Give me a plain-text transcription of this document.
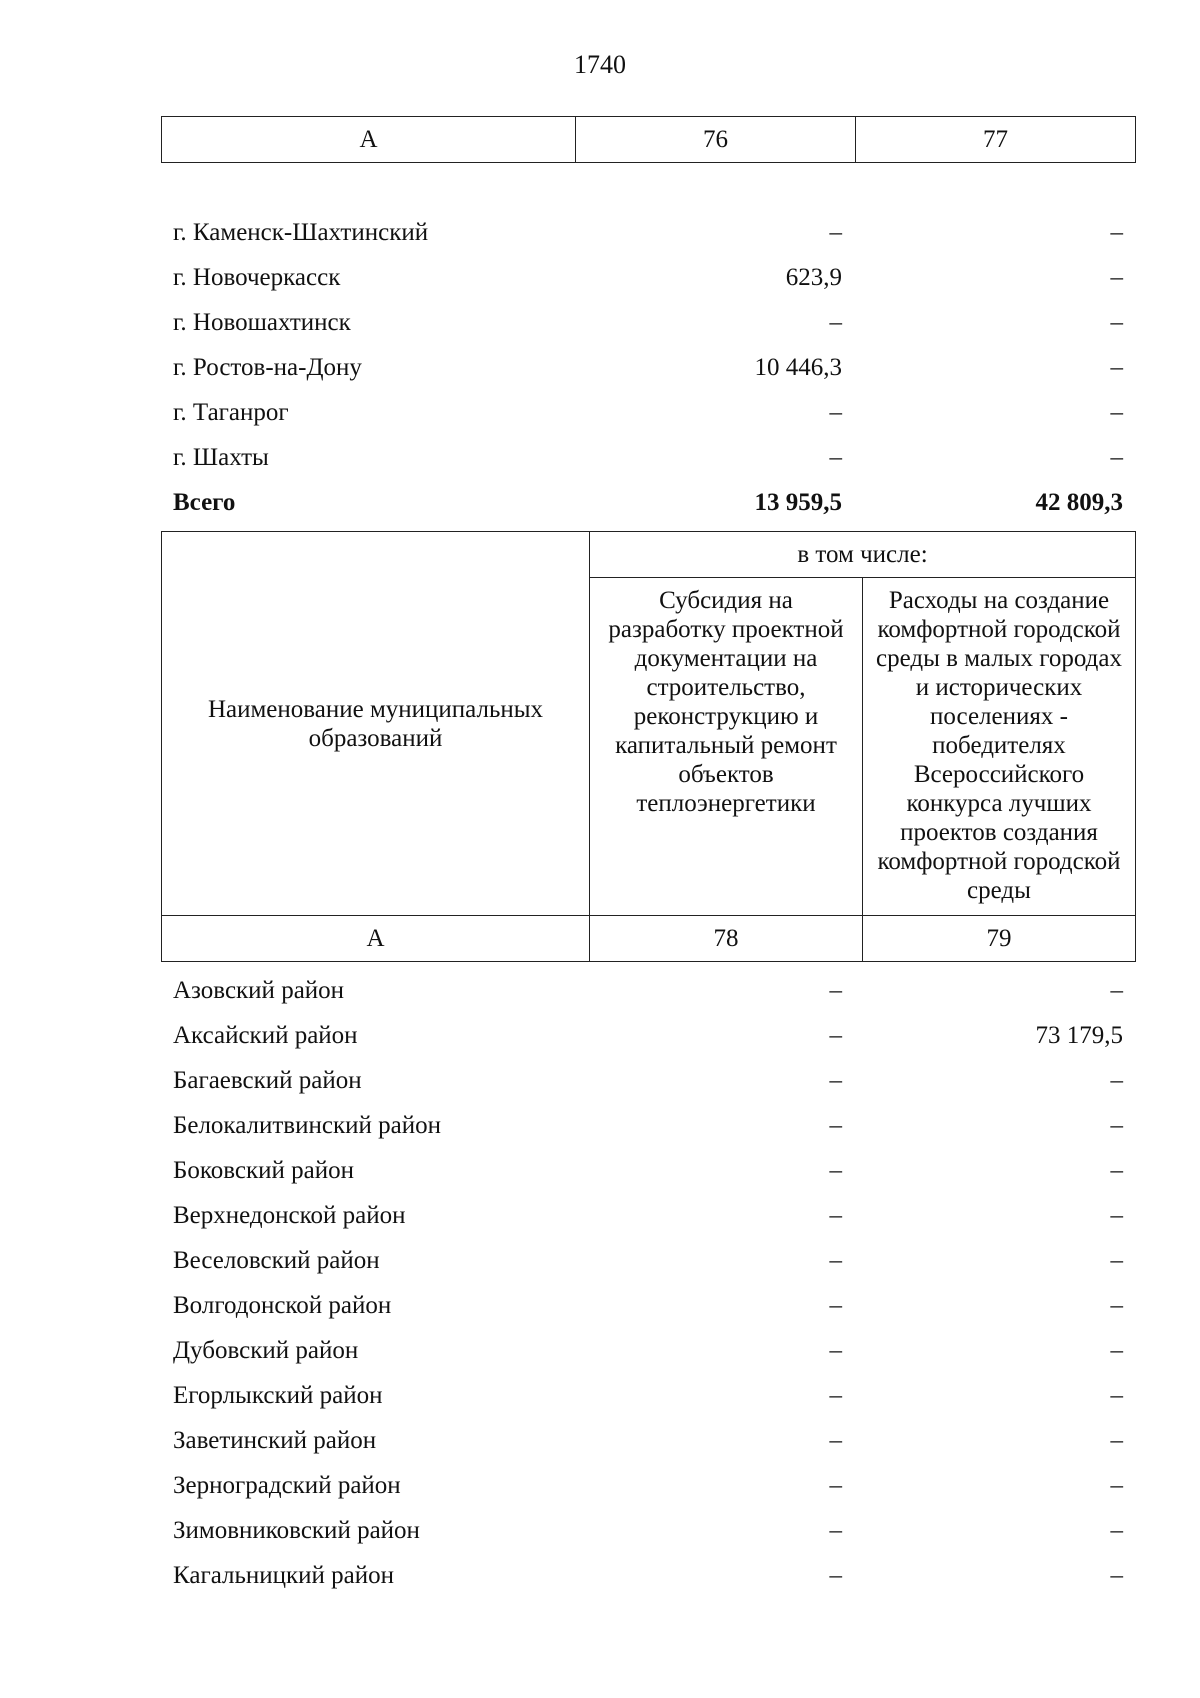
1740
А	76	77
г. Каменск-Шахтинский	–	–
г. Новочеркасск	623,9	–
г. Новошахтинск	–	–
г. Ростов-на-Дону	10 446,3	–
г. Таганрог	–	–
г. Шахты	–	–
Всего	13 959,5	42 809,3
Наименование муниципальных образований	в том числе:	
	Субсидия на разработку проектной документации на строительство, реконструкцию и капитальный ремонт объектов теплоэнергетики	Расходы на создание комфортной городской среды в малых городах и исторических поселениях - победителях Всероссийского конкурса лучших проектов создания комфортной городской среды
А	78	79
Азовский район	–	–
Аксайский район	–	73 179,5
Багаевский район	–	–
Белокалитвинский район	–	–
Боковский район	–	–
Верхнедонской район	–	–
Веселовский район	–	–
Волгодонской район	–	–
Дубовский район	–	–
Егорлыкский район	–	–
Заветинский район	–	–
Зерноградский район	–	–
Зимовниковский район	–	–
Кагальницкий район	–	–
